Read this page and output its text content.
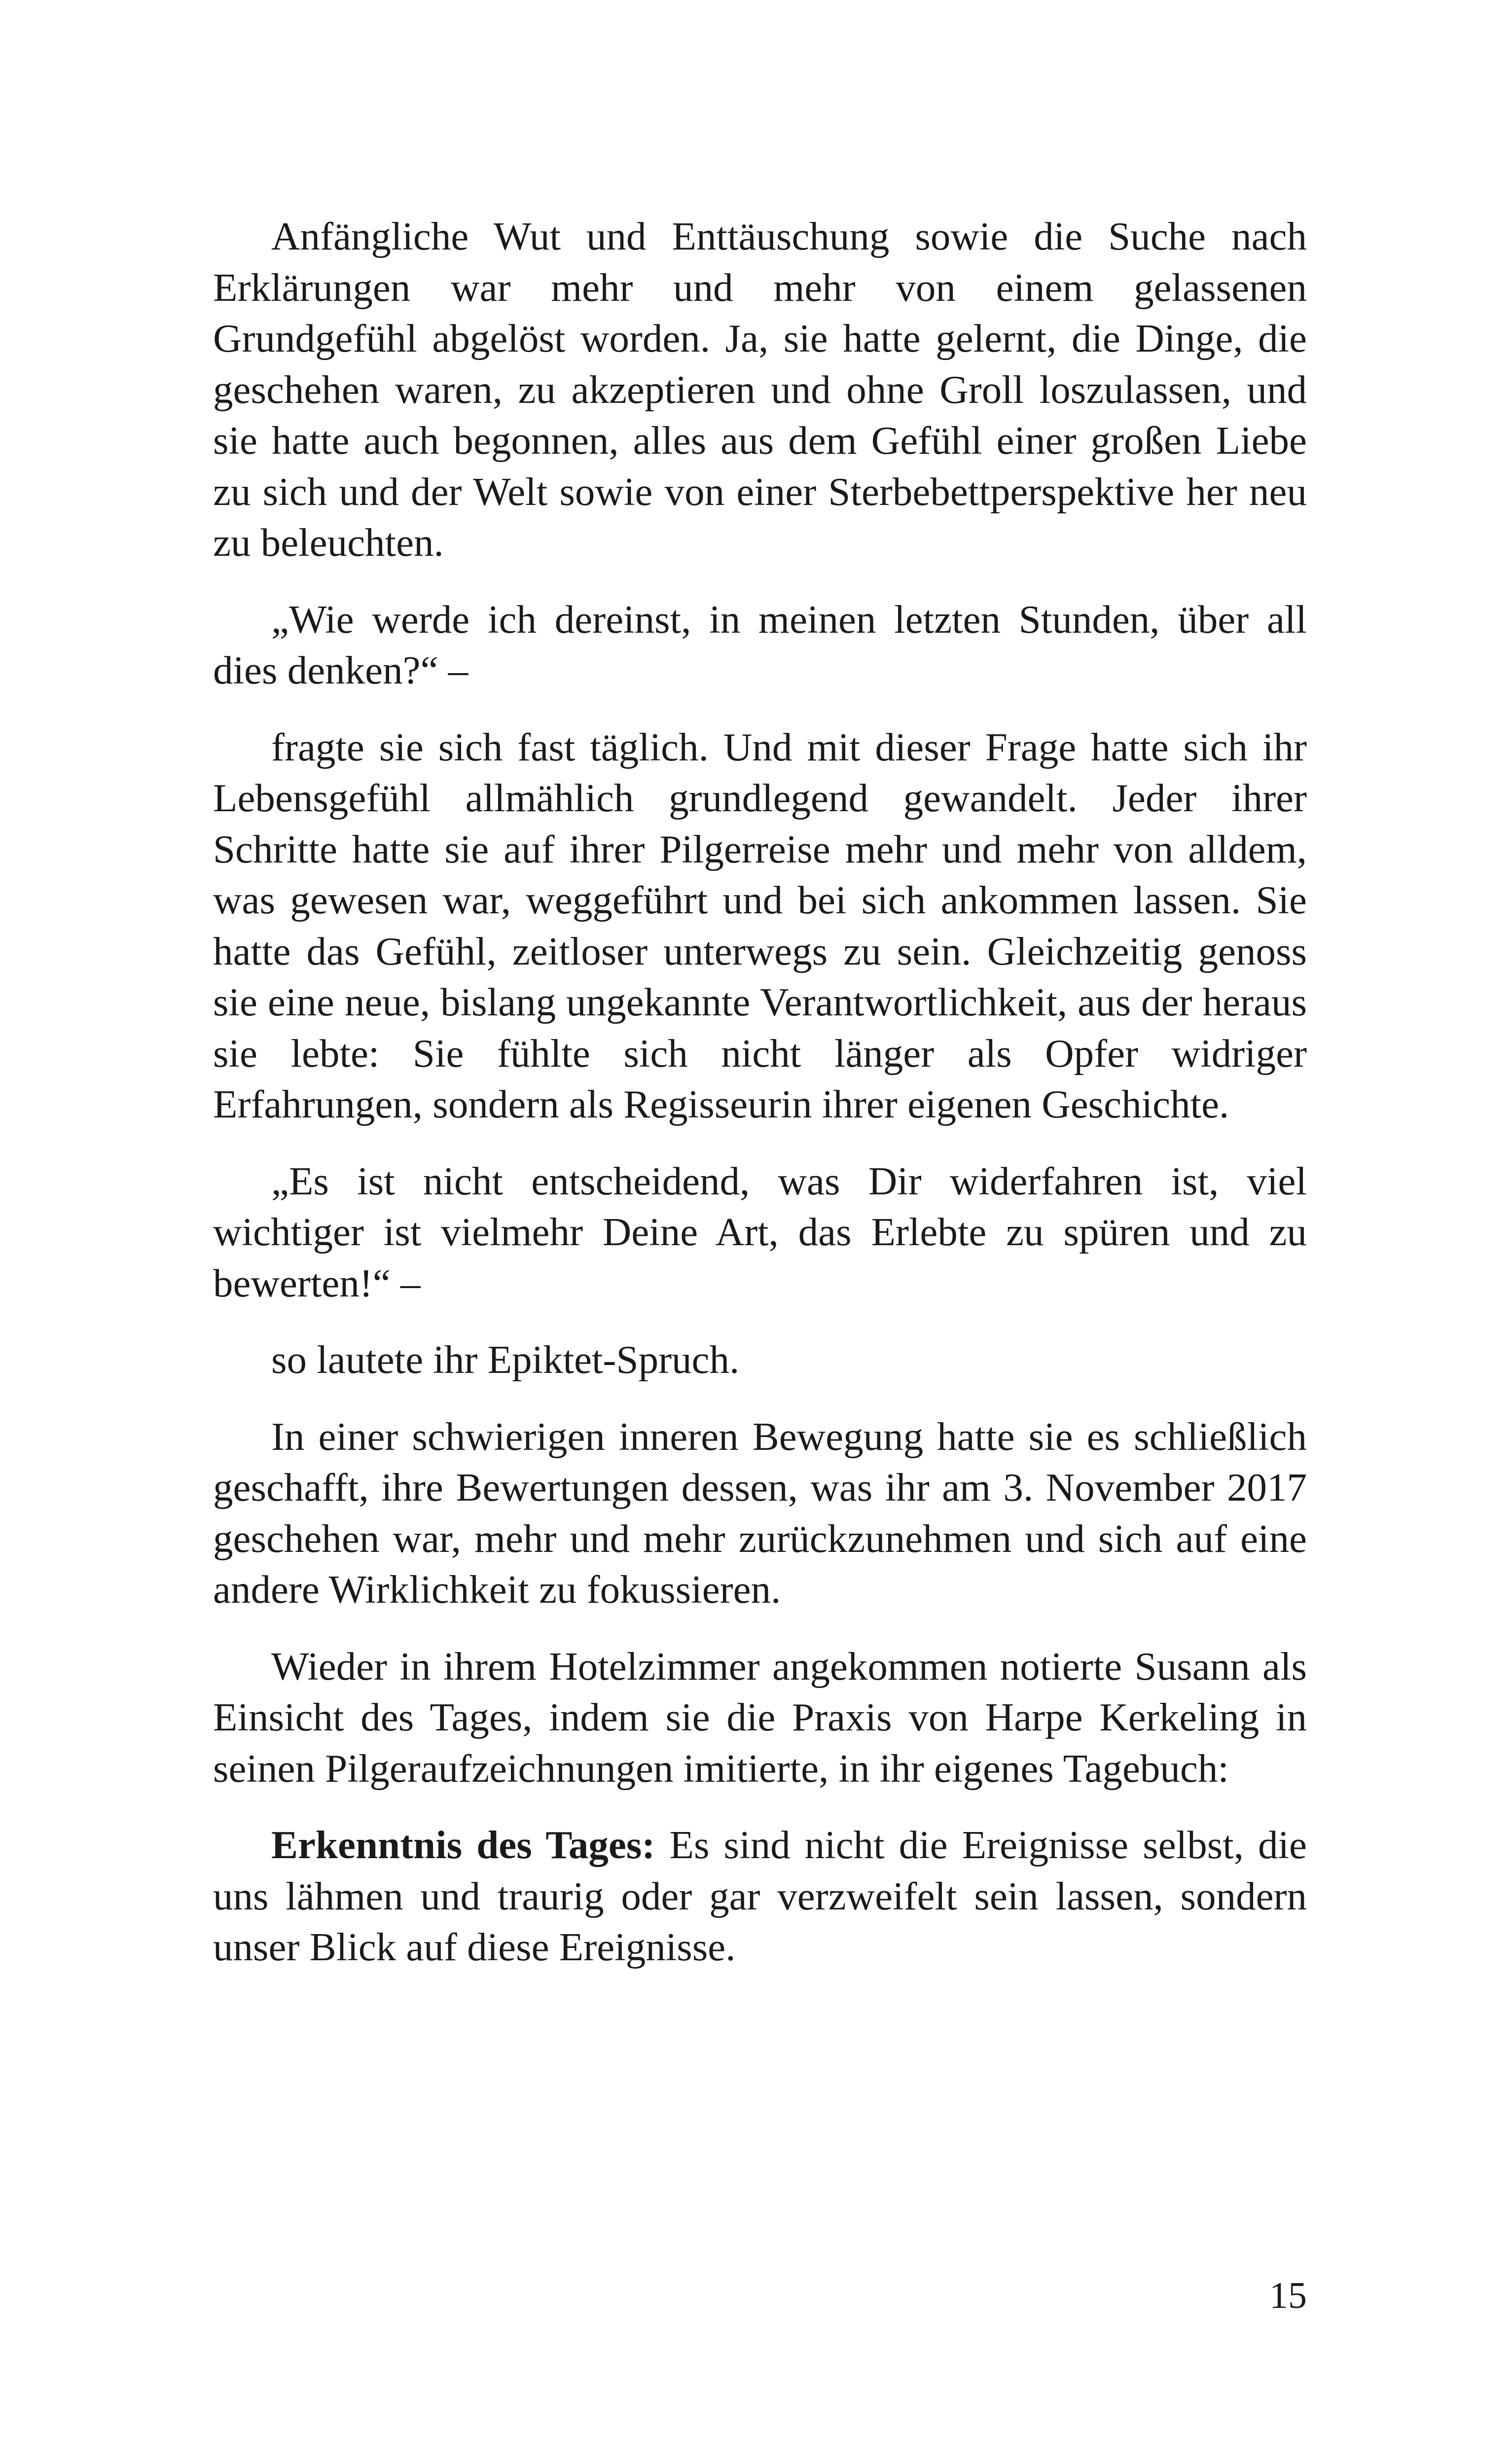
Anfängliche Wut und Enttäuschung sowie die Suche nach Erklärungen war mehr und mehr von einem gelassenen Grundgefühl abgelöst worden. Ja, sie hatte gelernt, die Dinge, die geschehen waren, zu akzeptieren und ohne Groll loszulassen, und sie hatte auch begonnen, alles aus dem Gefühl einer großen Liebe zu sich und der Welt sowie von einer Sterbebettperspektive her neu zu beleuchten.

„Wie werde ich dereinst, in meinen letzten Stunden, über all dies denken?“ –

fragte sie sich fast täglich. Und mit dieser Frage hatte sich ihr Lebensgefühl allmählich grundlegend gewandelt. Jeder ihrer Schritte hatte sie auf ihrer Pilgerreise mehr und mehr von alldem, was gewesen war, weggeführt und bei sich ankommen lassen. Sie hatte das Gefühl, zeitloser unterwegs zu sein. Gleichzeitig genoss sie eine neue, bislang ungekannte Verantwortlichkeit, aus der heraus sie lebte: Sie fühlte sich nicht länger als Opfer widriger Erfahrungen, sondern als Regisseurin ihrer eigenen Geschichte.

„Es ist nicht entscheidend, was Dir widerfahren ist, viel wichtiger ist vielmehr Deine Art, das Erlebte zu spüren und zu bewerten!“ –

so lautete ihr Epiktet-Spruch.

In einer schwierigen inneren Bewegung hatte sie es schließlich geschafft, ihre Bewertungen dessen, was ihr am 3. November 2017 geschehen war, mehr und mehr zurückzunehmen und sich auf eine andere Wirklichkeit zu fokussieren.

Wieder in ihrem Hotelzimmer angekommen notierte Susann als Einsicht des Tages, indem sie die Praxis von Harpe Kerkeling in seinen Pilgeraufzeichnungen imitierte, in ihr eigenes Tagebuch:

Erkenntnis des Tages: Es sind nicht die Ereignisse selbst, die uns lähmen und traurig oder gar verzweifelt sein lassen, sondern unser Blick auf diese Ereignisse.

15
